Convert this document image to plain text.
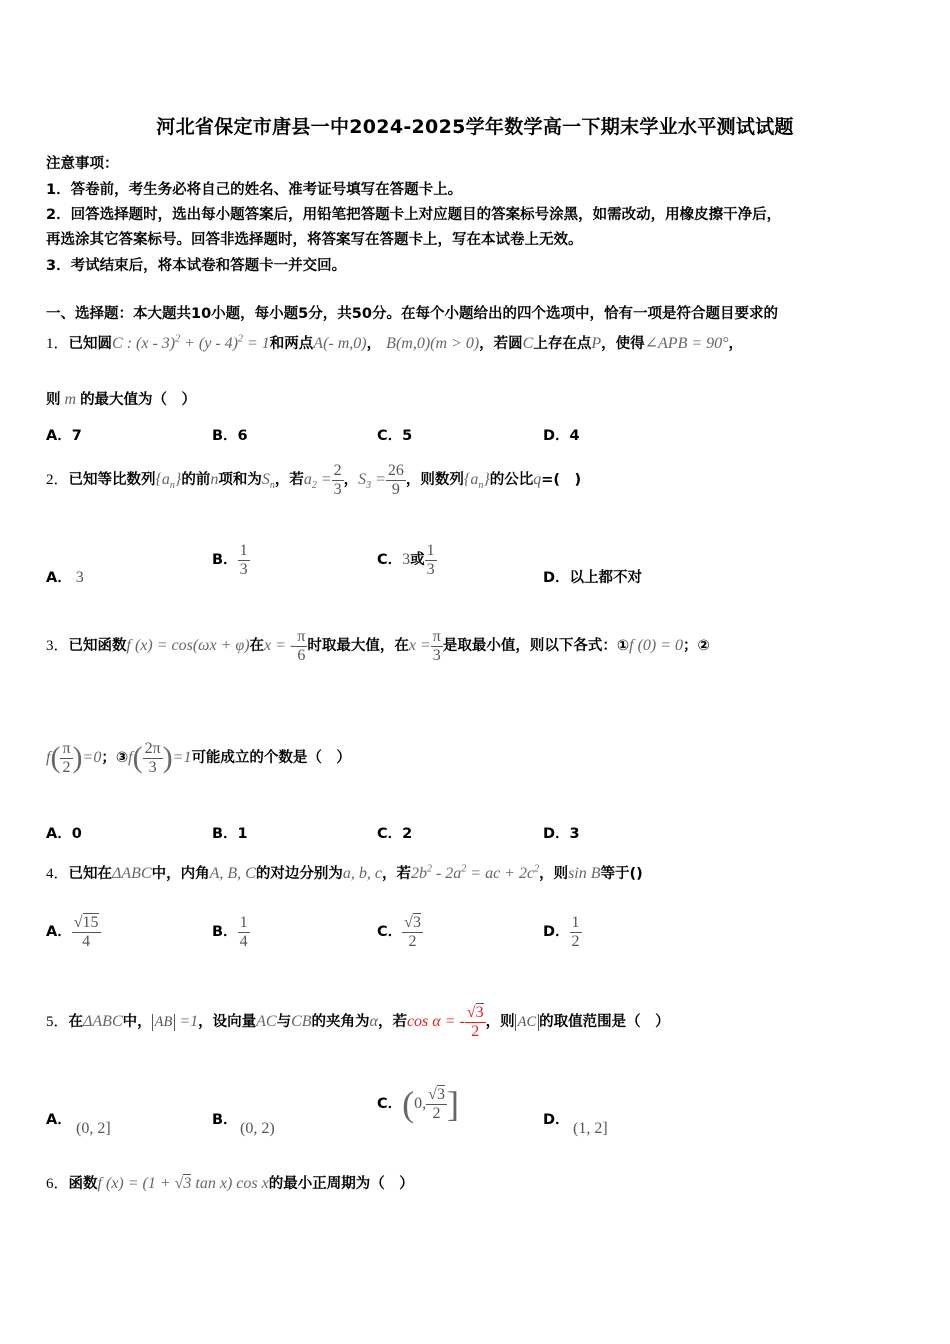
河北省保定市唐县一中2024-2025学年数学高一下期末学业水平测试试题
注意事项：
1．答卷前，考生务必将自己的姓名、准考证号填写在答题卡上。
2．回答选择题时，选出每小题答案后，用铅笔把答题卡上对应题目的答案标号涂黑，如需改动，用橡皮擦干净后，
再选涂其它答案标号。回答非选择题时，将答案写在答题卡上，写在本试卷上无效。
3．考试结束后，将本试卷和答题卡一并交回。
一、选择题：本大题共10小题，每小题5分，共50分。在每个小题给出的四个选项中，恰有一项是符合题目要求的
1．已知圆C : (x - 3)$^2$ + (y - 4)$^2$ = 1和两点A(- m,0)， B(m,0)(m > 0)，若圆C上存在点P，使得∠APB = 90°，
则 m 的最大值为（　）
A．7	B．6	C．5	D．4
2．已知等比数列$\{a_n\}$的前n项和为$S_n$，若$a_2 = \frac{2}{3}$ ，$S_3 = \frac{26}{9}$ ，则数列$\{a_n\}$的公比q=(　)
A． 3
B． $\frac{1}{3}$	C．3或 $\frac{1}{3}$	D．以上都不对
3．已知函数f (x) = cos(ωx + φ)在x = - $\frac{\pi}{6}$ 时取最大值，在$x = \frac{\pi}{3}$ 是取最小值，则以下各式：①f (0) = 0；②
$f( \frac{\pi}{2} )=0$；③f( $\frac{2\pi}{3} )=1$可能成立的个数是（　）
A．0	B．1	C．2	D．3
4．已知在ΔABC中，内角A, B, C的对边分别为a, b, c，若$2b^2 - 2a^2$ = ac + $2c^2$，则sin B等于()
A． $\frac{√15}{4}$	B． $\frac{1}{4}$	C． $\frac{√3}{2}$	D． $\frac{1}{2}$
5．在ΔABC中， AB =1，设向量AC与CB的夹角为α，若cos α = - $\frac{√3}{2}$ ，则 AC 的取值范围是（　）
A． (0, 2]	B． (0, 2)
C．(0, $\frac{√3}{2}$ ]	D． (1, 2]
6．函数f (x) = (1 + √3 tan x) cos x的最小正周期为（　）
